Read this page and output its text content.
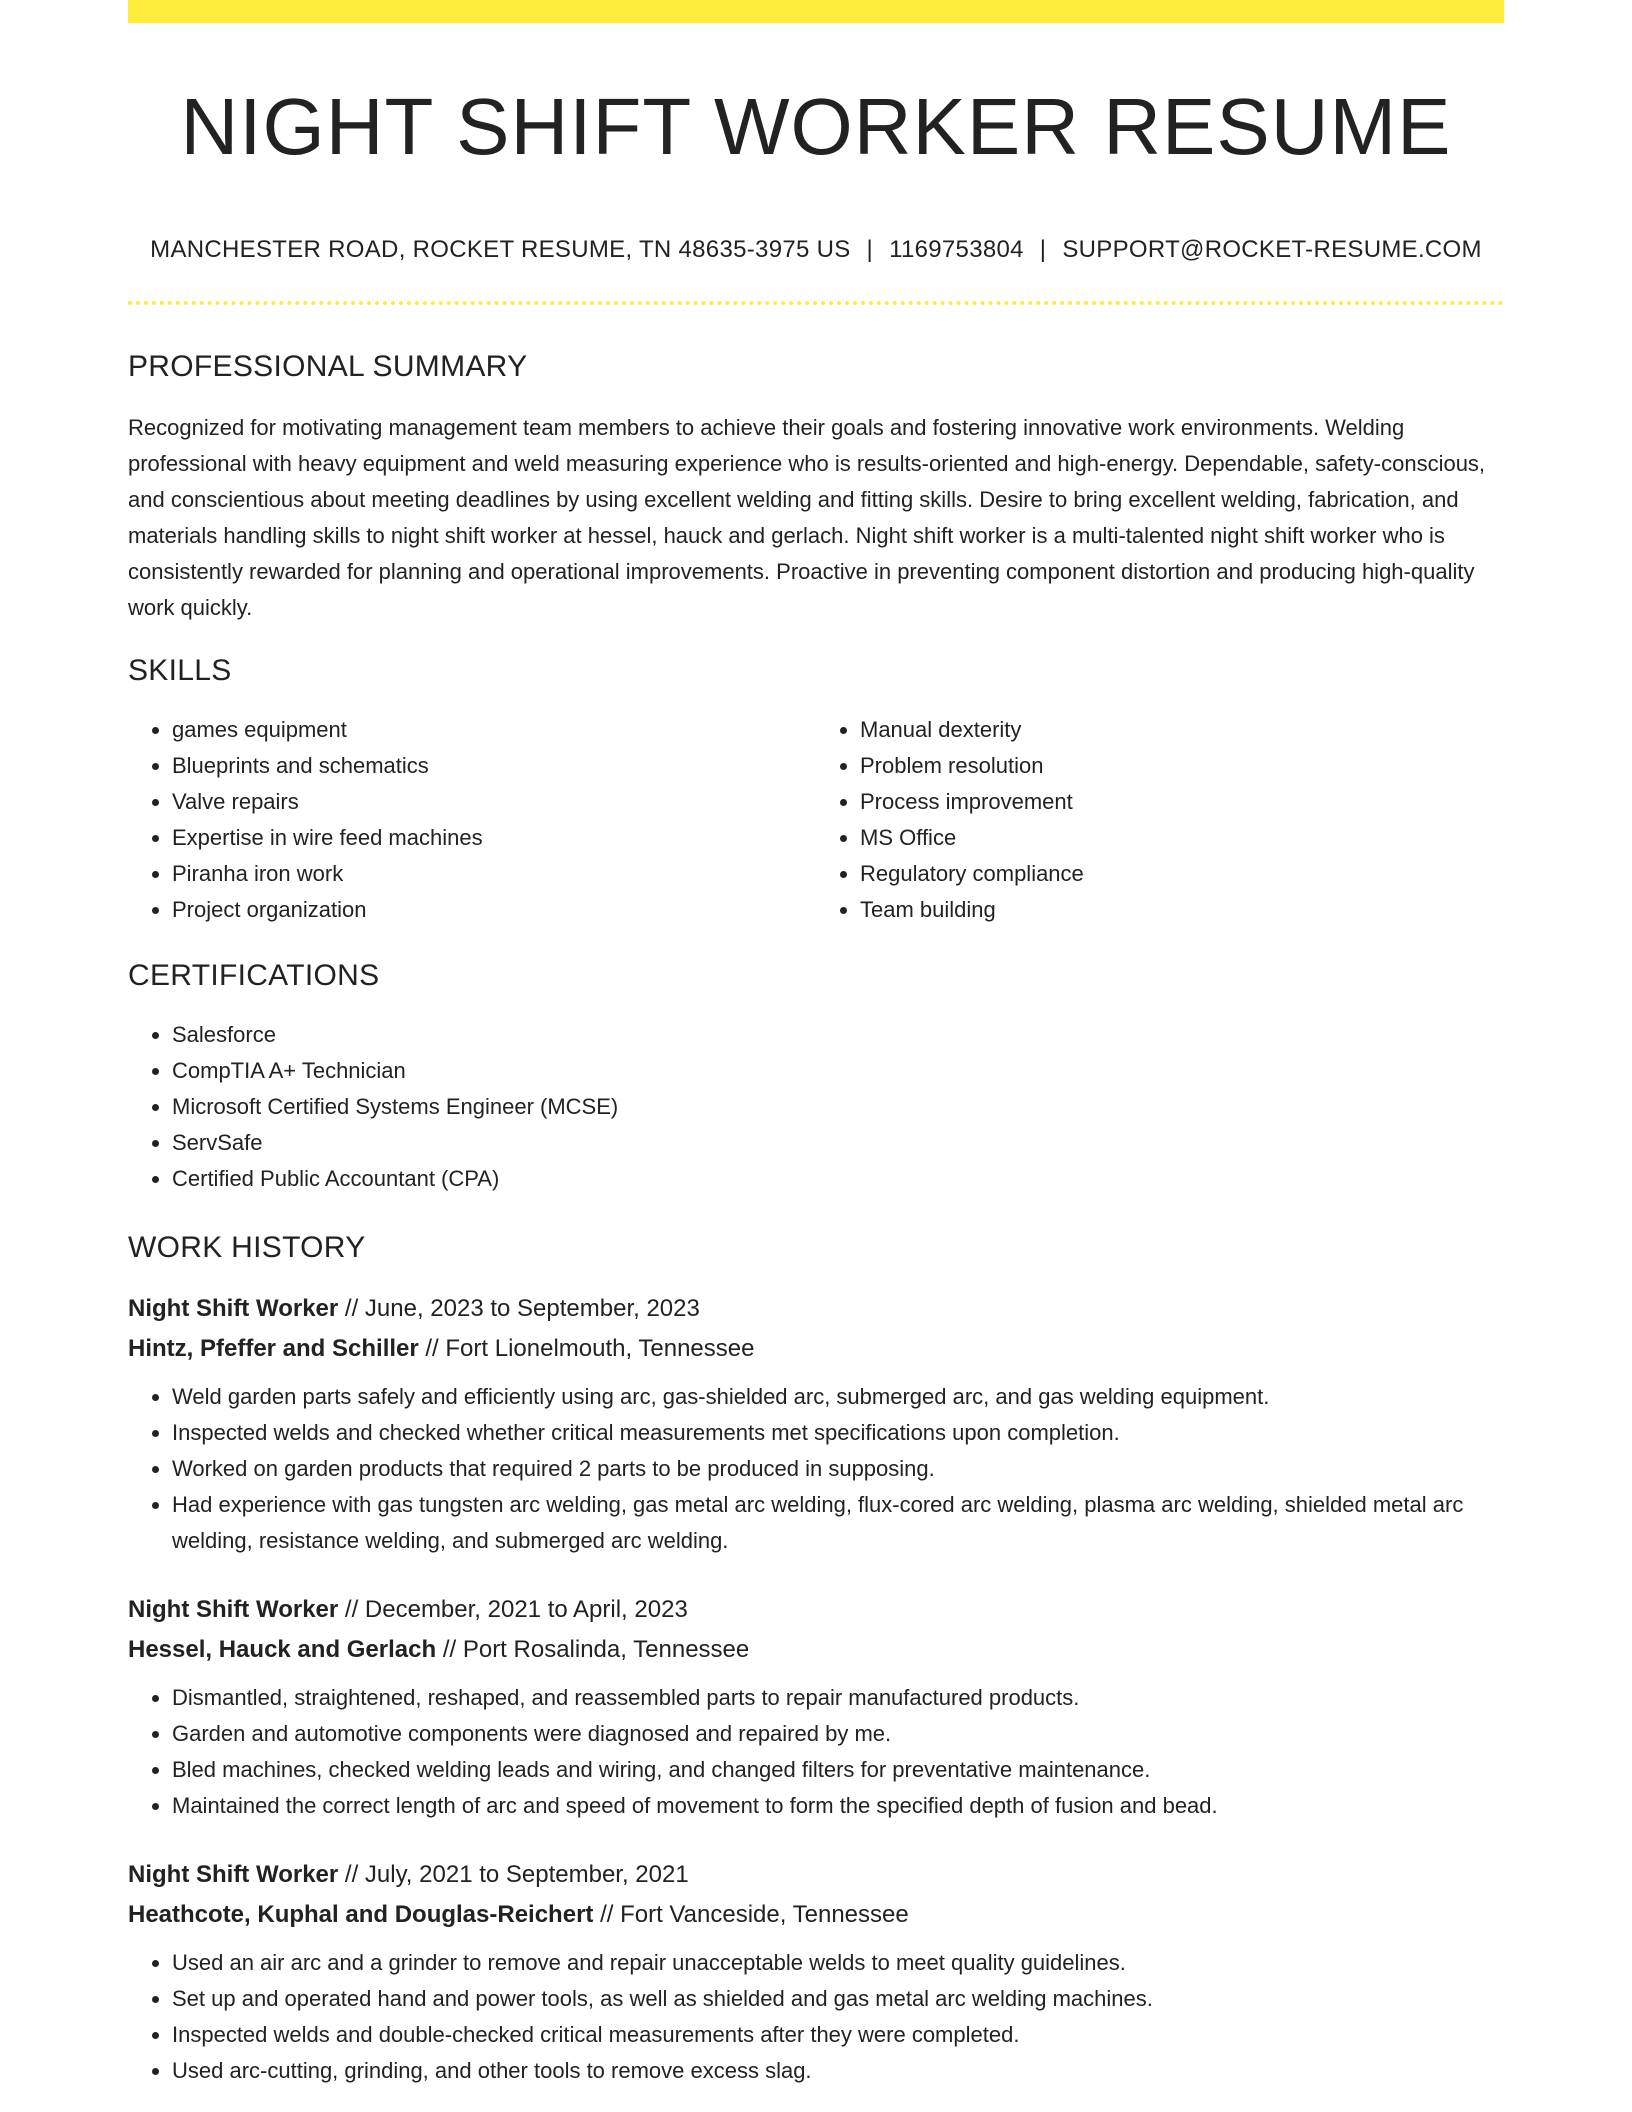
NIGHT SHIFT WORKER RESUME
MANCHESTER ROAD, ROCKET RESUME, TN 48635-3975 US | 1169753804 | SUPPORT@ROCKET-RESUME.COM
PROFESSIONAL SUMMARY

Recognized for motivating management team members to achieve their goals and fostering innovative work environments. Welding professional with heavy equipment and weld measuring experience who is results-oriented and high-energy. Dependable, safety-conscious, and conscientious about meeting deadlines by using excellent welding and fitting skills. Desire to bring excellent welding, fabrication, and materials handling skills to night shift worker at hessel, hauck and gerlach. Night shift worker is a multi-talented night shift worker who is consistently rewarded for planning and operational improvements. Proactive in preventing component distortion and producing high-quality work quickly.

SKILLS
• games equipment
• Blueprints and schematics
• Valve repairs
• Expertise in wire feed machines
• Piranha iron work
• Project organization
• Manual dexterity
• Problem resolution
• Process improvement
• MS Office
• Regulatory compliance
• Team building
CERTIFICATIONS
• Salesforce
• CompTIA A+ Technician
• Microsoft Certified Systems Engineer (MCSE)
• ServSafe
• Certified Public Accountant (CPA)
WORK HISTORY
Night Shift Worker // June, 2023 to September, 2023
Hintz, Pfeffer and Schiller // Fort Lionelmouth, Tennessee
• Weld garden parts safely and efficiently using arc, gas-shielded arc, submerged arc, and gas welding equipment.
• Inspected welds and checked whether critical measurements met specifications upon completion.
• Worked on garden products that required 2 parts to be produced in supposing.
• Had experience with gas tungsten arc welding, gas metal arc welding, flux-cored arc welding, plasma arc welding, shielded metal arc welding, resistance welding, and submerged arc welding.
Night Shift Worker // December, 2021 to April, 2023
Hessel, Hauck and Gerlach // Port Rosalinda, Tennessee
• Dismantled, straightened, reshaped, and reassembled parts to repair manufactured products.
• Garden and automotive components were diagnosed and repaired by me.
• Bled machines, checked welding leads and wiring, and changed filters for preventative maintenance.
• Maintained the correct length of arc and speed of movement to form the specified depth of fusion and bead.
Night Shift Worker // July, 2021 to September, 2021
Heathcote, Kuphal and Douglas-Reichert // Fort Vanceside, Tennessee
• Used an air arc and a grinder to remove and repair unacceptable welds to meet quality guidelines.
• Set up and operated hand and power tools, as well as shielded and gas metal arc welding machines.
• Inspected welds and double-checked critical measurements after they were completed.
• Used arc-cutting, grinding, and other tools to remove excess slag.
